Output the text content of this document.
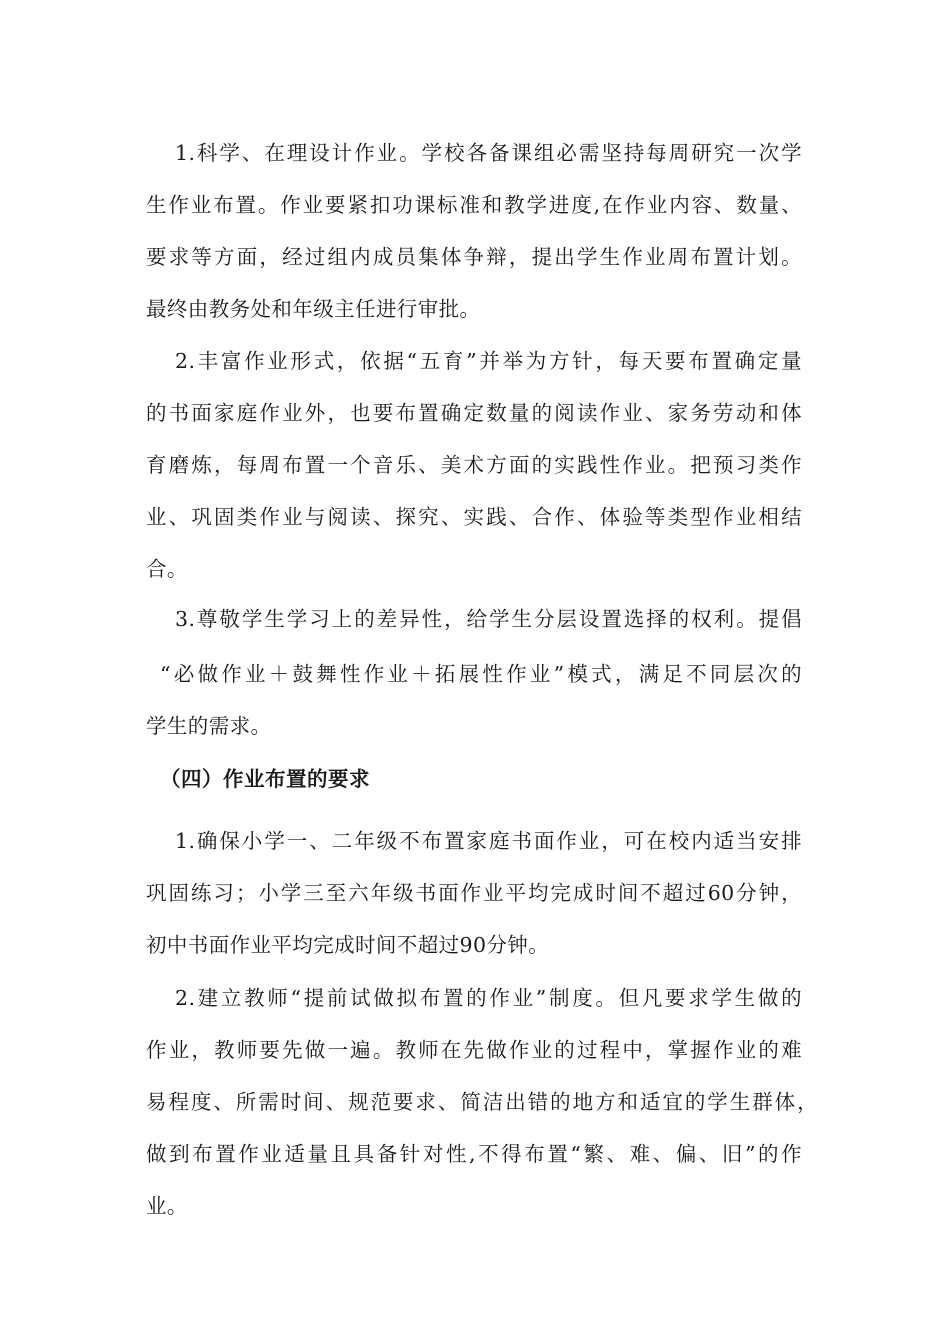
1.科学、在理设计作业。学校各备课组必需坚持每周研究一次学
生作业布置。作业要紧扣功课标准和教学进度,在作业内容、数量、
要求等方面，经过组内成员集体争辩，提出学生作业周布置计划。
最终由教务处和年级主任进行审批。
2.丰富作业形式，依据“五育”并举为方针，每天要布置确定量
的书面家庭作业外，也要布置确定数量的阅读作业、家务劳动和体
育磨炼，每周布置一个音乐、美术方面的实践性作业。把预习类作
业、巩固类作业与阅读、探究、实践、合作、体验等类型作业相结
合。
3.尊敬学生学习上的差异性，给学生分层设置选择的权利。提倡
“必做作业＋鼓舞性作业＋拓展性作业”模式，满足不同层次的
学生的需求。
（四）作业布置的要求
1.确保小学一、二年级不布置家庭书面作业，可在校内适当安排
巩固练习；小学三至六年级书面作业平均完成时间不超过60分钟，
初中书面作业平均完成时间不超过90分钟。
2.建立教师“提前试做拟布置的作业”制度。但凡要求学生做的
作业，教师要先做一遍。教师在先做作业的过程中，掌握作业的难
易程度、所需时间、规范要求、简洁出错的地方和适宜的学生群体，
做到布置作业适量且具备针对性,不得布置“繁、难、偏、旧”的作
业。
